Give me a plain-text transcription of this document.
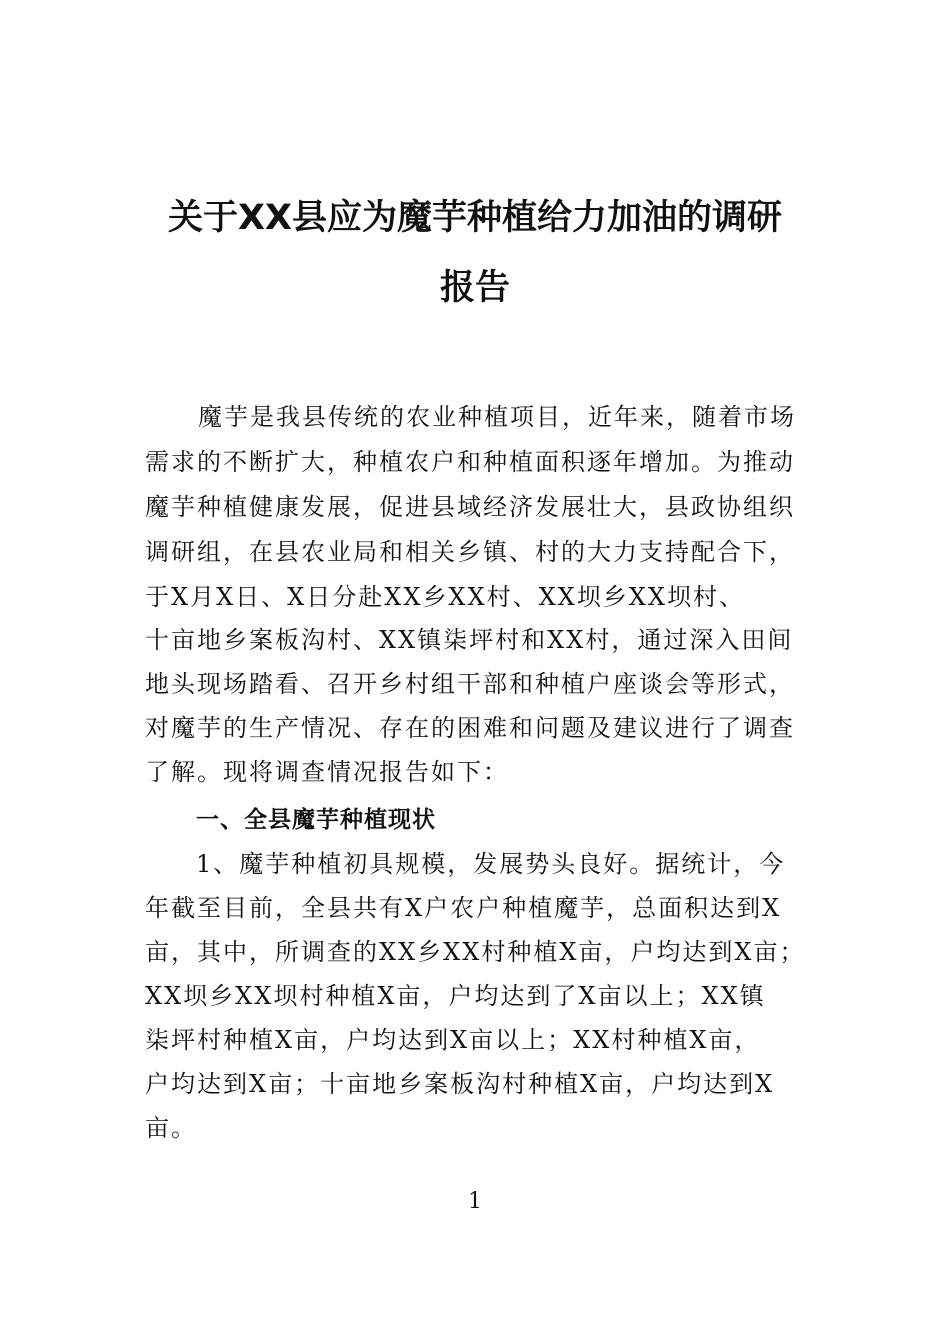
关于XX县应为魔芋种植给力加油的调研
报告
　魔芋是我县传统的农业种植项目，近年来，随着市场
需求的不断扩大，种植农户和种植面积逐年增加。为推动
魔芋种植健康发展，促进县域经济发展壮大，县政协组织
调研组，在县农业局和相关乡镇、村的大力支持配合下，
于X月X日、X日分赴XX乡XX村、XX坝乡XX坝村、
十亩地乡案板沟村、XX镇柒坪村和XX村，通过深入田间
地头现场踏看、召开乡村组干部和种植户座谈会等形式，
对魔芋的生产情况、存在的困难和问题及建议进行了调查
了解。现将调查情况报告如下：
一、全县魔芋种植现状
1、魔芋种植初具规模，发展势头良好。据统计，今
年截至目前，全县共有X户农户种植魔芋，总面积达到X
亩，其中，所调查的XX乡XX村种植X亩，户均达到X亩；
XX坝乡XX坝村种植X亩，户均达到了X亩以上；XX镇
柒坪村种植X亩，户均达到X亩以上；XX村种植X亩，
户均达到X亩；十亩地乡案板沟村种植X亩，户均达到X
亩。
1
